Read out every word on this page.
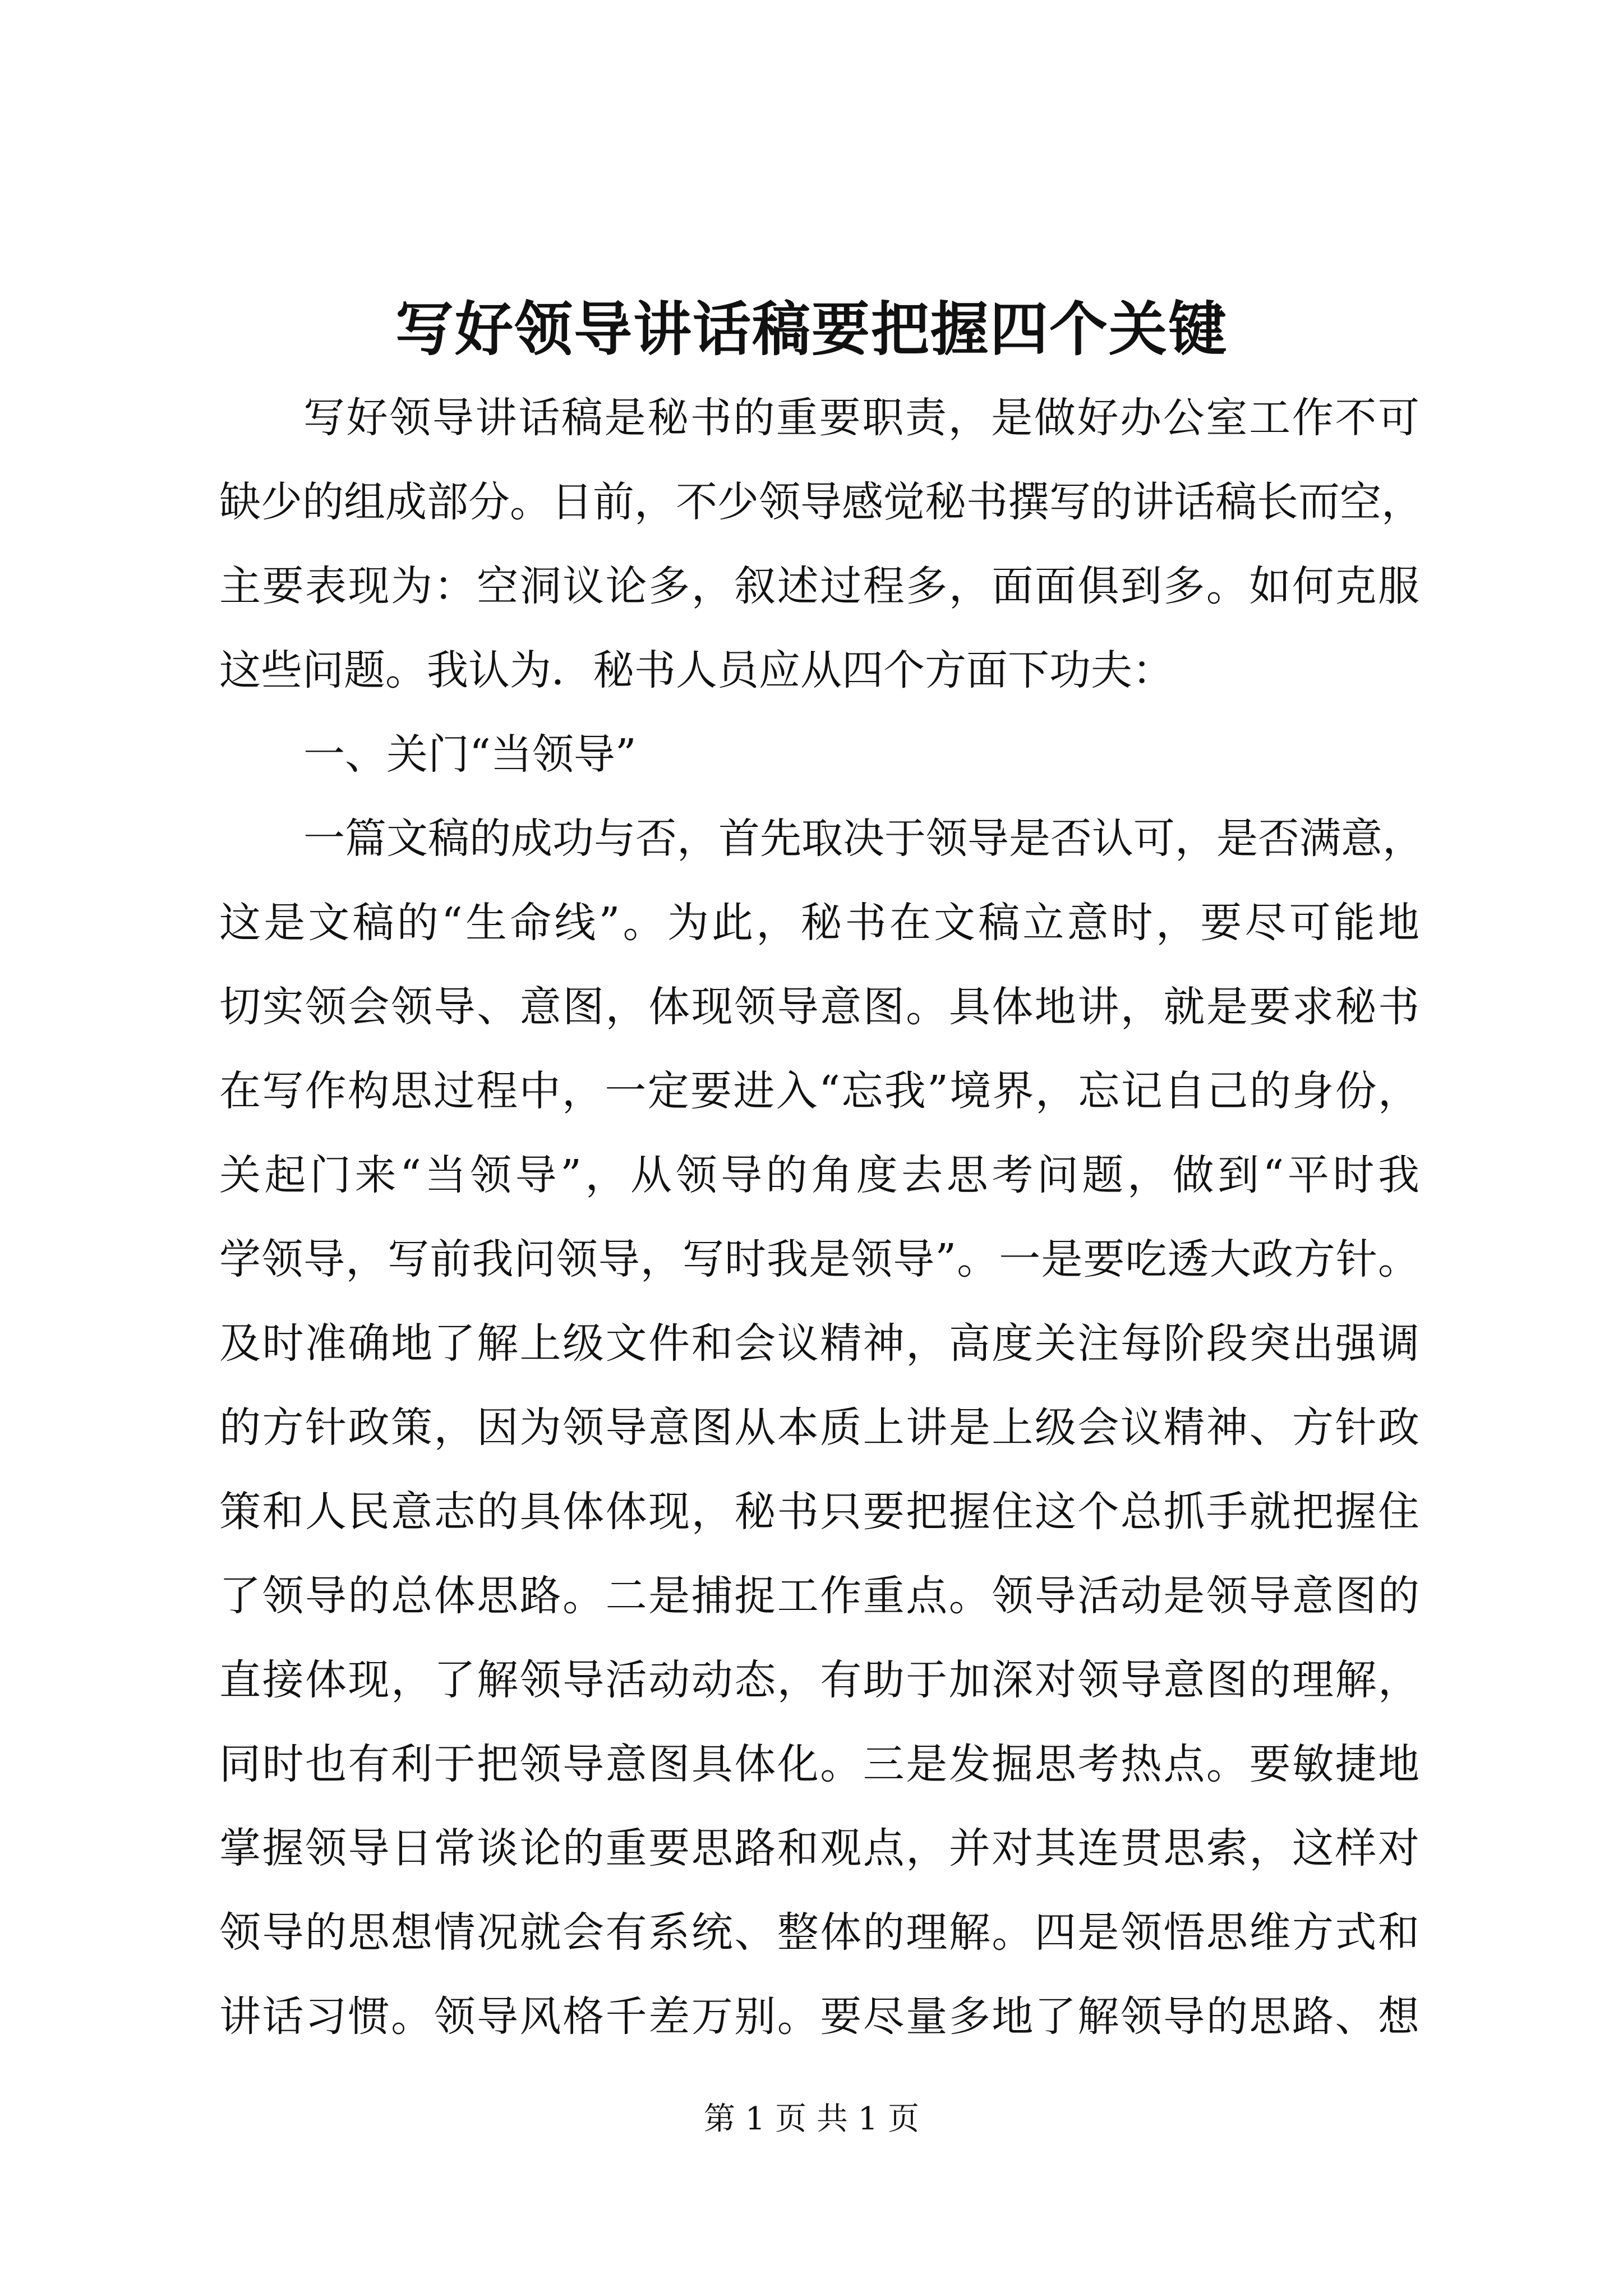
写好领导讲话稿要把握四个关键
写好领导讲话稿是秘书的重要职责，是做好办公室工作不可
缺少的组成部分。日前，不少领导感觉秘书撰写的讲话稿长而空，
主要表现为：空洞议论多，叙述过程多，面面俱到多。如何克服
这些问题。我认为．秘书人员应从四个方面下功夫：
一、关门“当领导”
一篇文稿的成功与否，首先取决于领导是否认可，是否满意，
这是文稿的“生命线”。为此，秘书在文稿立意时，要尽可能地
切实领会领导、意图，体现领导意图。具体地讲，就是要求秘书
在写作构思过程中，一定要进入“忘我”境界，忘记自己的身份，
关起门来“当领导”，从领导的角度去思考问题，做到“平时我
学领导，写前我问领导，写时我是领导”。一是要吃透大政方针。
及时准确地了解上级文件和会议精神，高度关注每阶段突出强调
的方针政策，因为领导意图从本质上讲是上级会议精神、方针政
策和人民意志的具体体现，秘书只要把握住这个总抓手就把握住
了领导的总体思路。二是捕捉工作重点。领导活动是领导意图的
直接体现，了解领导活动动态，有助于加深对领导意图的理解，
同时也有利于把领导意图具体化。三是发掘思考热点。要敏捷地
掌握领导日常谈论的重要思路和观点，并对其连贯思索，这样对
领导的思想情况就会有系统、整体的理解。四是领悟思维方式和
讲话习惯。领导风格千差万别。要尽量多地了解领导的思路、想
第 1 页 共 1 页
